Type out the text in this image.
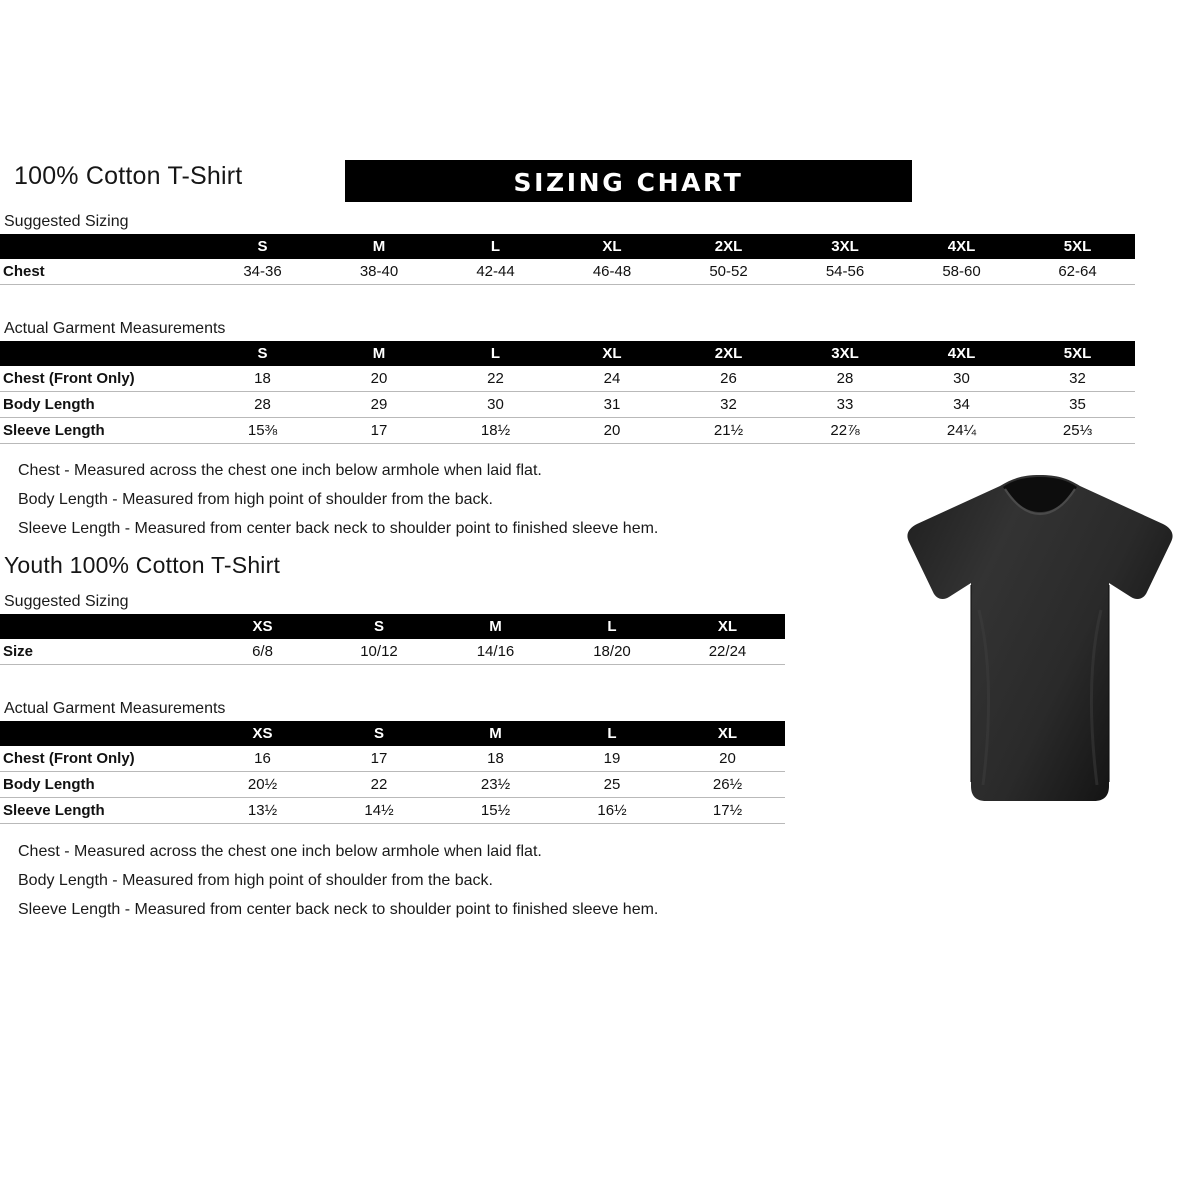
100% Cotton T-Shirt	SIZING CHART
Suggested Sizing
	S	M	L	XL	2XL	3XL	4XL	5XL
Chest	34-36	38-40	42-44	46-48	50-52	54-56	58-60	62-64
Actual Garment Measurements
	S	M	L	XL	2XL	3XL	4XL	5XL
Chest (Front Only)	18	20	22	24	26	28	30	32
Body Length	28	29	30	31	32	33	34	35
Sleeve Length	15⅜	17	18½	20	21½	22⅞	24¼	25⅓
Chest - Measured across the chest one inch below armhole when laid flat.
Body Length - Measured from high point of shoulder from the back.
Sleeve Length - Measured from center back neck to shoulder point to finished sleeve hem.
Youth 100% Cotton T-Shirt
Suggested Sizing
	XS	S	M	L	XL
Size	6/8	10/12	14/16	18/20	22/24
Actual Garment Measurements
	XS	S	M	L	XL
Chest (Front Only)	16	17	18	19	20
Body Length	20½	22	23½	25	26½
Sleeve Length	13½	14½	15½	16½	17½
Chest - Measured across the chest one inch below armhole when laid flat.
Body Length - Measured from high point of shoulder from the back.
Sleeve Length - Measured from center back neck to shoulder point to finished sleeve hem.
